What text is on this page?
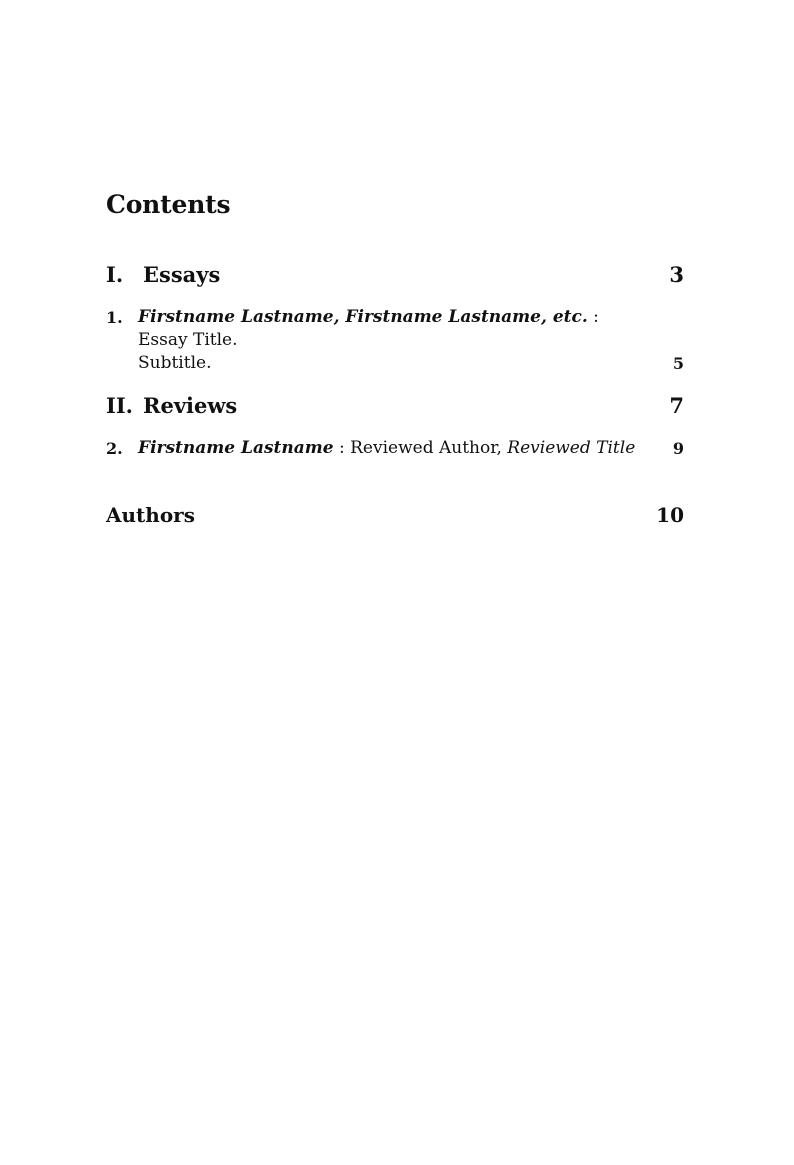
Contents
I. Essays	3
1. Firstname Lastname, Firstname Lastname, etc. : Essay Title.
Subtitle.	5
II. Reviews	7
2. Firstname Lastname : Reviewed Author, Reviewed Title	9
Authors	10
